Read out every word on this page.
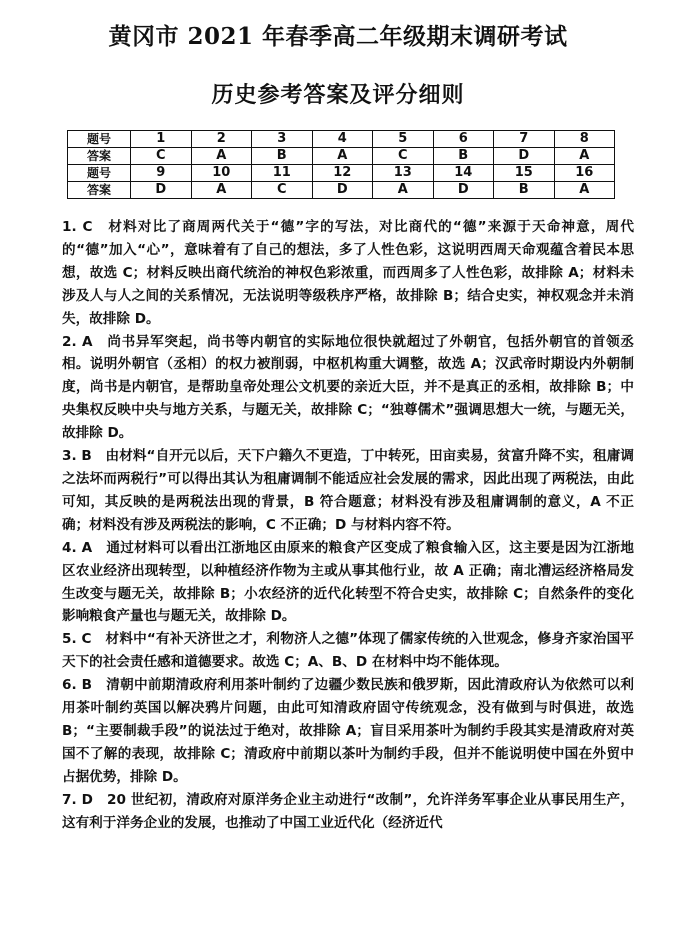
黄冈市 2021 年春季高二年级期末调研考试
历史参考答案及评分细则
题号	1	2	3	4	5	6	7	8
答案	C	A	B	A	C	B	D	A
题号	9	10	11	12	13	14	15	16
答案	D	A	C	D	A	D	B	A

1. C　材料对比了商周两代关于“德”字的写法，对比商代的“德”来源于天命神意，周代的“德”加入“心”，意味着有了自己的想法，多了人性色彩，这说明西周天命观蕴含着民本思想，故选 C；材料反映出商代统治的神权色彩浓重，而西周多了人性色彩，故排除 A；材料未涉及人与人之间的关系情况，无法说明等级秩序严格，故排除 B；结合史实，神权观念并未消失，故排除 D。

2. A　尚书异军突起，尚书等内朝官的实际地位很快就超过了外朝官，包括外朝官的首领丞相。说明外朝官（丞相）的权力被削弱，中枢机构重大调整，故选 A；汉武帝时期设内外朝制度，尚书是内朝官，是帮助皇帝处理公文机要的亲近大臣，并不是真正的丞相，故排除 B；中央集权反映中央与地方关系，与题无关，故排除 C；“独尊儒术”强调思想大一统，与题无关，故排除 D。

3. B　由材料“自开元以后，天下户籍久不更造，丁中转死，田亩卖易，贫富升降不实，租庸调之法坏而两税行”可以得出其认为租庸调制不能适应社会发展的需求，因此出现了两税法，由此可知，其反映的是两税法出现的背景，B 符合题意；材料没有涉及租庸调制的意义，A 不正确；材料没有涉及两税法的影响，C 不正确；D 与材料内容不符。

4. A　通过材料可以看出江浙地区由原来的粮食产区变成了粮食输入区，这主要是因为江浙地区农业经济出现转型，以种植经济作物为主或从事其他行业，故 A 正确；南北漕运经济格局发生改变与题无关，故排除 B；小农经济的近代化转型不符合史实，故排除 C；自然条件的变化影响粮食产量也与题无关，故排除 D。

5. C　材料中“有补天济世之才，利物济人之德”体现了儒家传统的入世观念，修身齐家治国平天下的社会责任感和道德要求。故选 C；A、B、D 在材料中均不能体现。

6. B　清朝中前期清政府利用茶叶制约了边疆少数民族和俄罗斯，因此清政府认为依然可以利用茶叶制约英国以解决鸦片问题，由此可知清政府固守传统观念，没有做到与时俱进，故选 B；“主要制裁手段”的说法过于绝对，故排除 A；盲目采用茶叶为制约手段其实是清政府对英国不了解的表现，故排除 C；清政府中前期以茶叶为制约手段，但并不能说明使中国在外贸中占据优势，排除 D。

7. D　20 世纪初，清政府对原洋务企业主动进行“改制”，允许洋务军事企业从事民用生产，这有利于洋务企业的发展，也推动了中国工业近代化（经济近代
